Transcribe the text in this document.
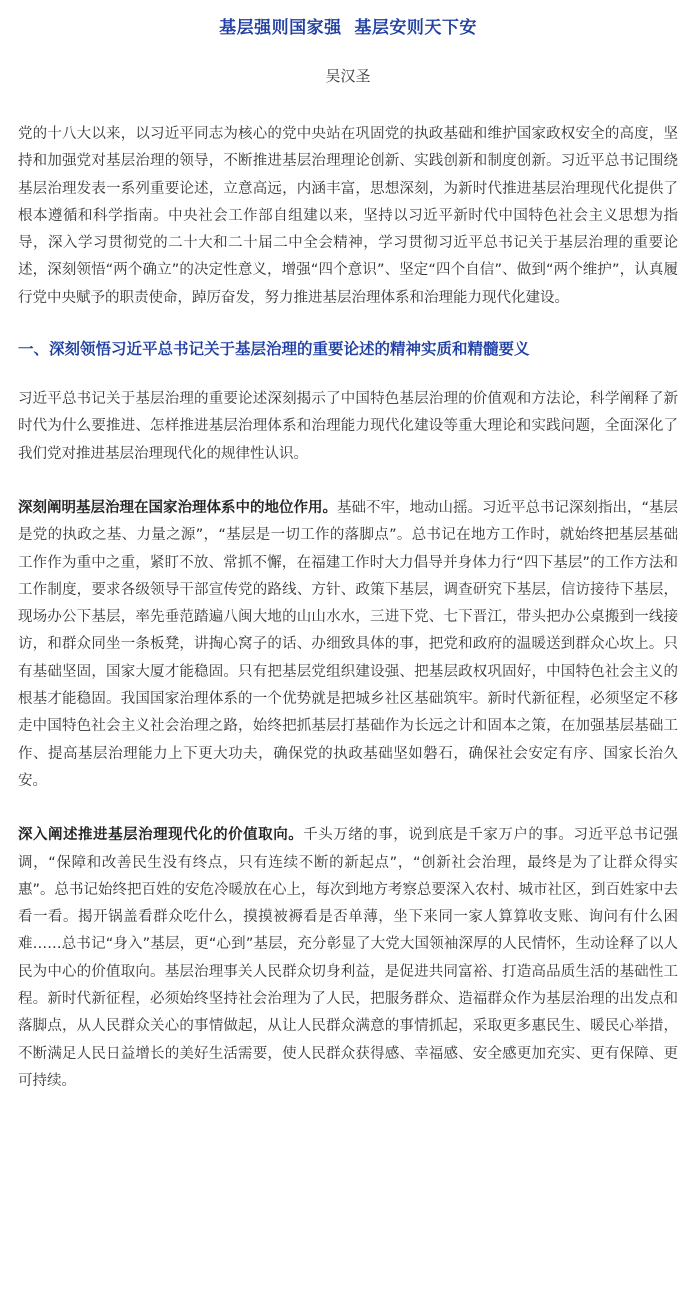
基层强则国家强  基层安则天下安

吴汉圣

党的十八大以来，以习近平同志为核心的党中央站在巩固党的执政基础和维护国家政权安全的高度，坚持和加强党对基层治理的领导，不断推进基层治理理论创新、实践创新和制度创新。习近平总书记围绕基层治理发表一系列重要论述，立意高远，内涵丰富，思想深刻，为新时代推进基层治理现代化提供了根本遵循和科学指南。中央社会工作部自组建以来，坚持以习近平新时代中国特色社会主义思想为指导，深入学习贯彻党的二十大和二十届二中全会精神，学习贯彻习近平总书记关于基层治理的重要论述，深刻领悟“两个确立”的决定性意义，增强“四个意识”、坚定“四个自信”、做到“两个维护”，认真履行党中央赋予的职责使命，踔厉奋发，努力推进基层治理体系和治理能力现代化建设。

一、深刻领悟习近平总书记关于基层治理的重要论述的精神实质和精髓要义

习近平总书记关于基层治理的重要论述深刻揭示了中国特色基层治理的价值观和方法论，科学阐释了新时代为什么要推进、怎样推进基层治理体系和治理能力现代化建设等重大理论和实践问题，全面深化了我们党对推进基层治理现代化的规律性认识。

深刻阐明基层治理在国家治理体系中的地位作用。基础不牢，地动山摇。习近平总书记深刻指出，“基层是党的执政之基、力量之源”，“基层是一切工作的落脚点”。总书记在地方工作时，就始终把基层基础工作作为重中之重，紧盯不放、常抓不懈，在福建工作时大力倡导并身体力行“四下基层”的工作方法和工作制度，要求各级领导干部宣传党的路线、方针、政策下基层，调查研究下基层，信访接待下基层，现场办公下基层，率先垂范踏遍八闽大地的山山水水，三进下党、七下晋江，带头把办公桌搬到一线接访，和群众同坐一条板凳，讲掏心窝子的话、办细致具体的事，把党和政府的温暖送到群众心坎上。只有基础坚固，国家大厦才能稳固。只有把基层党组织建设强、把基层政权巩固好，中国特色社会主义的根基才能稳固。我国国家治理体系的一个优势就是把城乡社区基础筑牢。新时代新征程，必须坚定不移走中国特色社会主义社会治理之路，始终把抓基层打基础作为长远之计和固本之策，在加强基层基础工作、提高基层治理能力上下更大功夫，确保党的执政基础坚如磐石，确保社会安定有序、国家长治久安。

深入阐述推进基层治理现代化的价值取向。千头万绪的事，说到底是千家万户的事。习近平总书记强调，“保障和改善民生没有终点，只有连续不断的新起点”，“创新社会治理，最终是为了让群众得实惠”。总书记始终把百姓的安危冷暖放在心上，每次到地方考察总要深入农村、城市社区，到百姓家中去看一看。揭开锅盖看群众吃什么，摸摸被褥看是否单薄，坐下来同一家人算算收支账、询问有什么困难……总书记“身入”基层，更“心到”基层，充分彰显了大党大国领袖深厚的人民情怀，生动诠释了以人民为中心的价值取向。基层治理事关人民群众切身利益，是促进共同富裕、打造高品质生活的基础性工程。新时代新征程，必须始终坚持社会治理为了人民，把服务群众、造福群众作为基层治理的出发点和落脚点，从人民群众关心的事情做起，从让人民群众满意的事情抓起，采取更多惠民生、暖民心举措，不断满足人民日益增长的美好生活需要，使人民群众获得感、幸福感、安全感更加充实、更有保障、更可持续。
